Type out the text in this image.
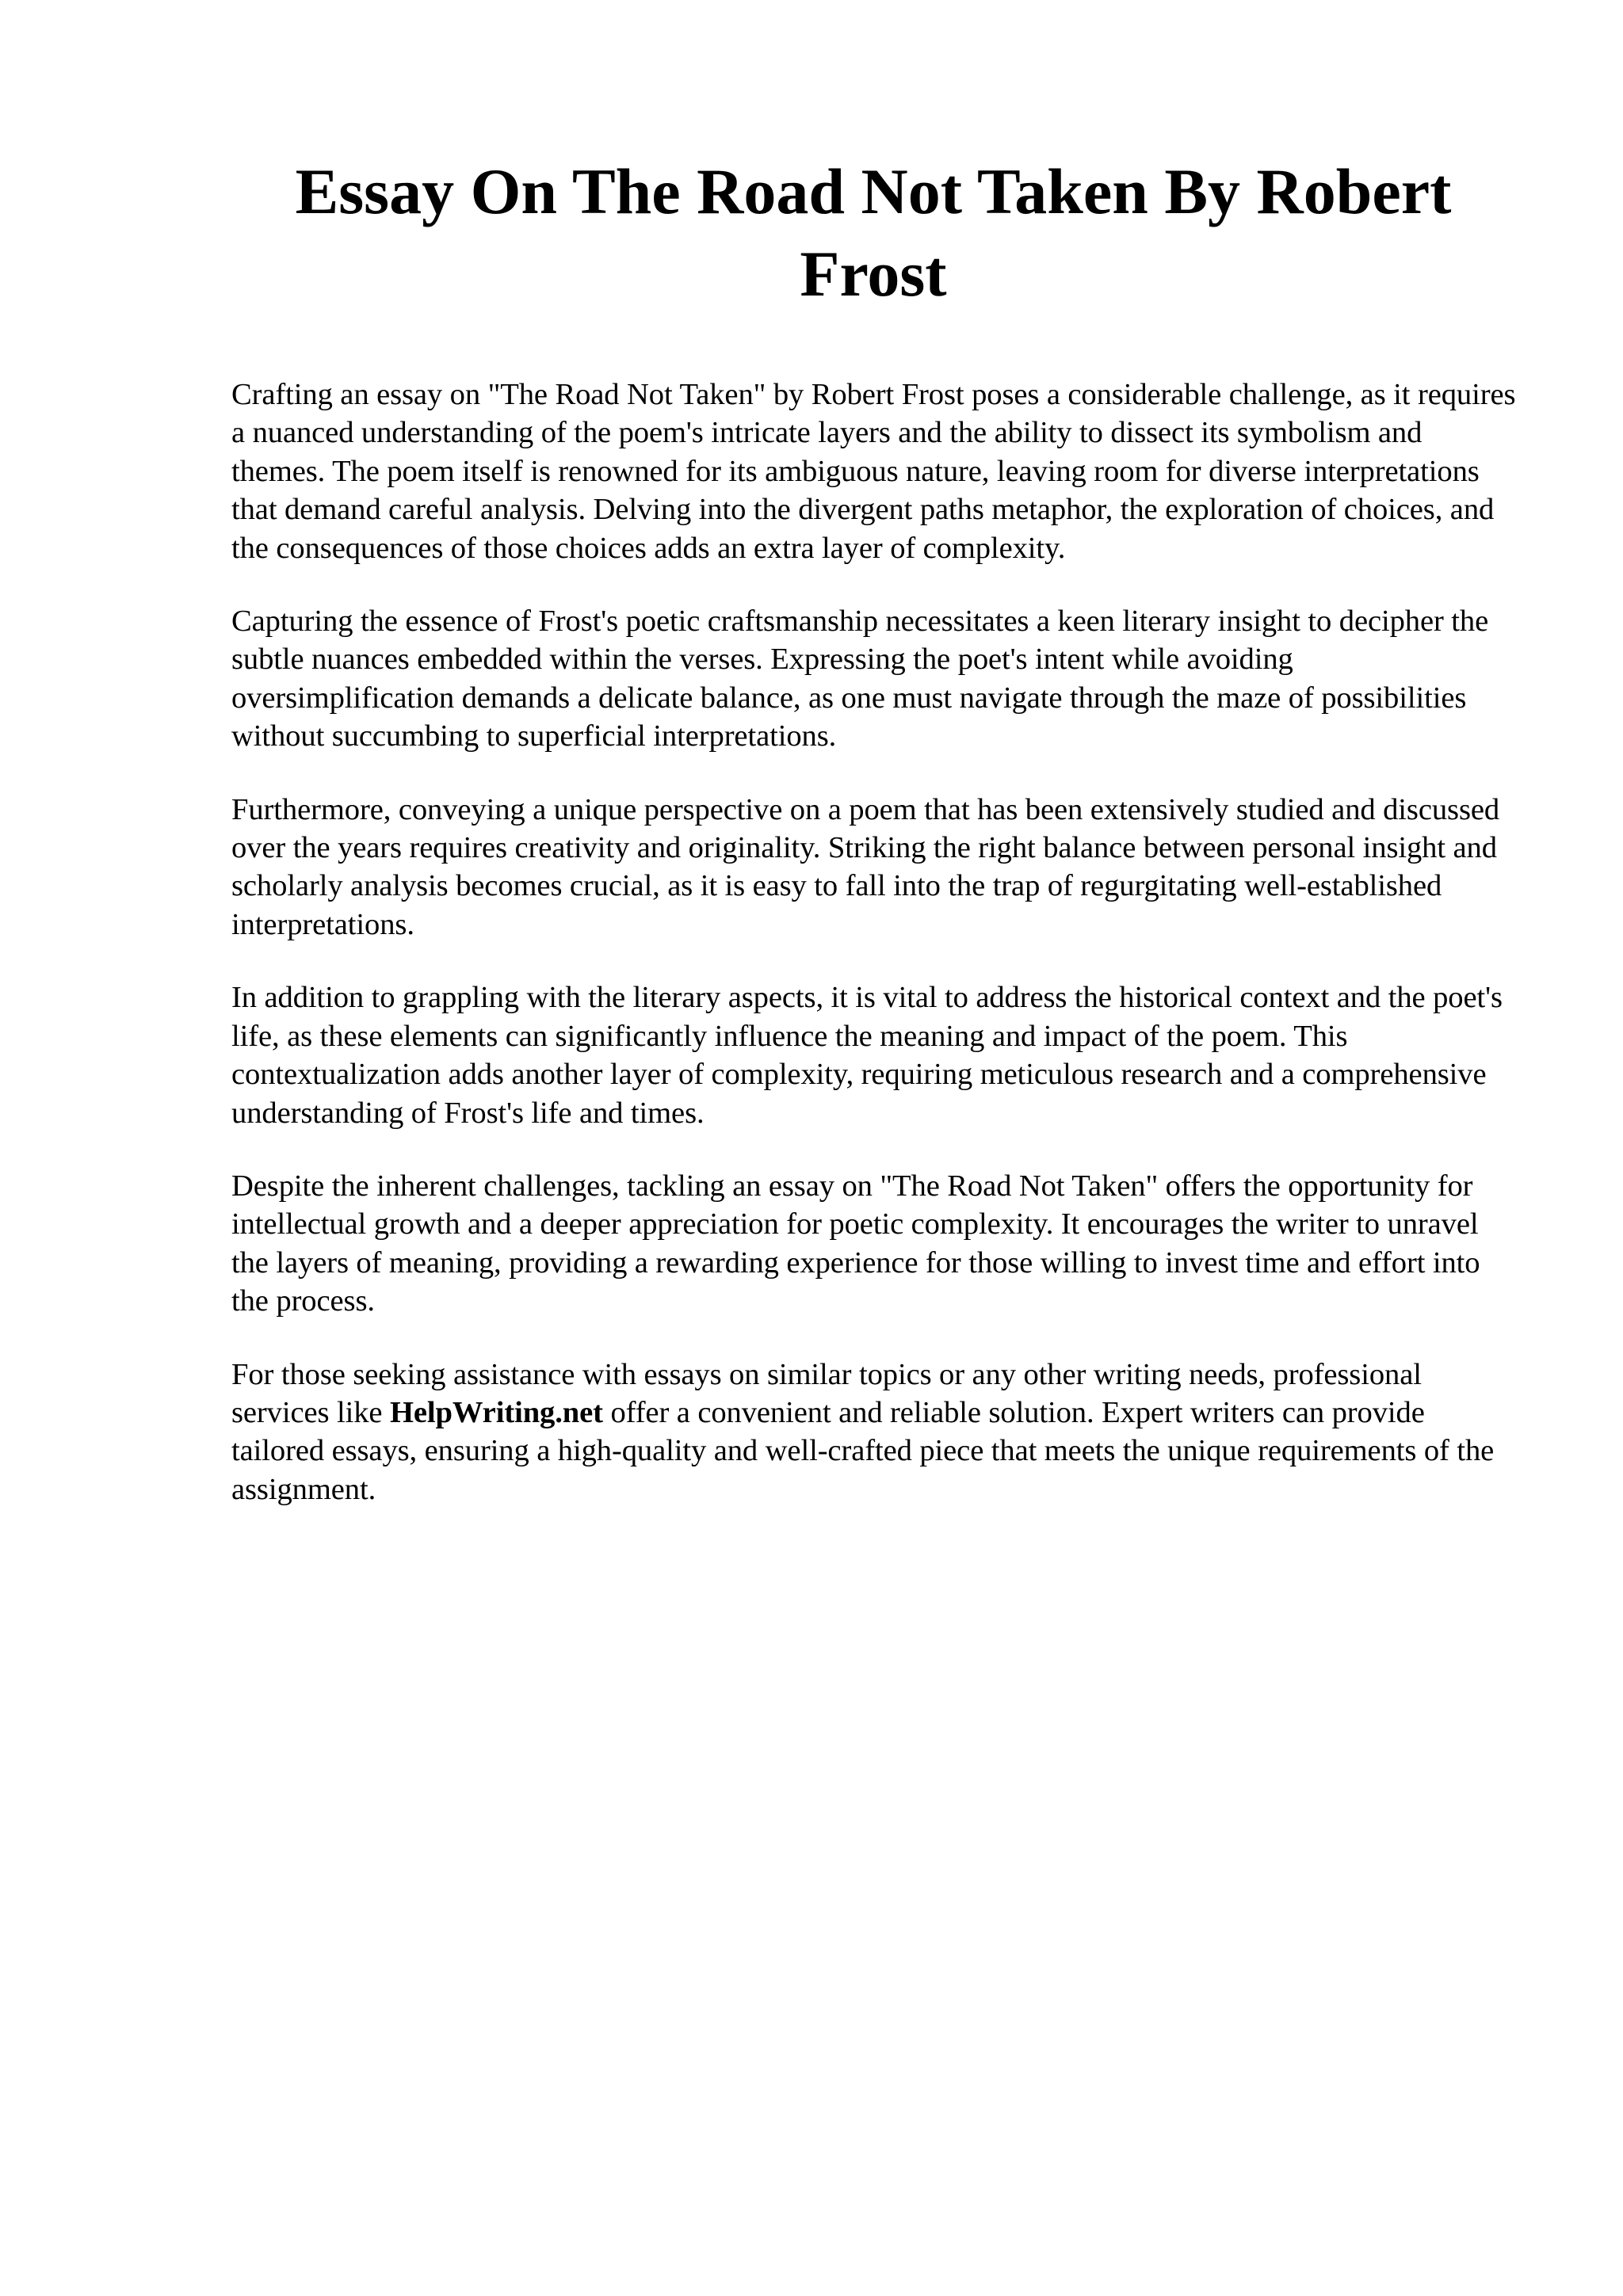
Essay On The Road Not Taken By Robert Frost

Crafting an essay on "The Road Not Taken" by Robert Frost poses a considerable challenge, as it requires a nuanced understanding of the poem's intricate layers and the ability to dissect its symbolism and themes. The poem itself is renowned for its ambiguous nature, leaving room for diverse interpretations that demand careful analysis. Delving into the divergent paths metaphor, the exploration of choices, and the consequences of those choices adds an extra layer of complexity.

Capturing the essence of Frost's poetic craftsmanship necessitates a keen literary insight to decipher the subtle nuances embedded within the verses. Expressing the poet's intent while avoiding oversimplification demands a delicate balance, as one must navigate through the maze of possibilities without succumbing to superficial interpretations.

Furthermore, conveying a unique perspective on a poem that has been extensively studied and discussed over the years requires creativity and originality. Striking the right balance between personal insight and scholarly analysis becomes crucial, as it is easy to fall into the trap of regurgitating well-established interpretations.

In addition to grappling with the literary aspects, it is vital to address the historical context and the poet's life, as these elements can significantly influence the meaning and impact of the poem. This contextualization adds another layer of complexity, requiring meticulous research and a comprehensive understanding of Frost's life and times.

Despite the inherent challenges, tackling an essay on "The Road Not Taken" offers the opportunity for intellectual growth and a deeper appreciation for poetic complexity. It encourages the writer to unravel the layers of meaning, providing a rewarding experience for those willing to invest time and effort into the process.

For those seeking assistance with essays on similar topics or any other writing needs, professional services like HelpWriting.net offer a convenient and reliable solution. Expert writers can provide tailored essays, ensuring a high-quality and well-crafted piece that meets the unique requirements of the assignment.
